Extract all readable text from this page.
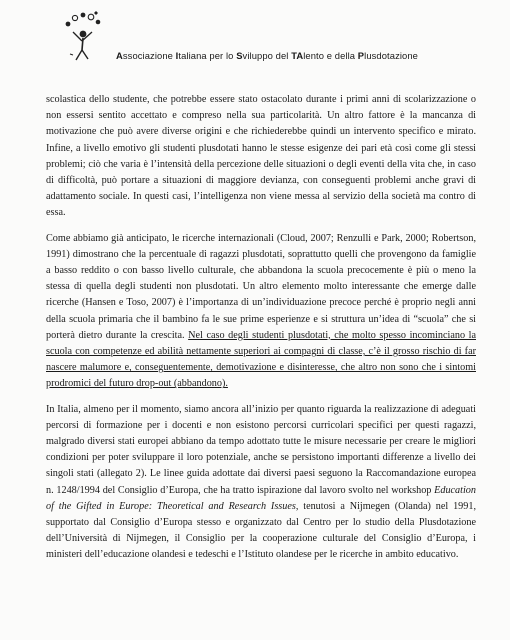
Associazione Italiana per lo Sviluppo del TAlento e della Plusdotazione

scolastica dello studente, che potrebbe essere stato ostacolato durante i primi anni di scolarizzazione o non essersi sentito accettato e compreso nella sua particolarità. Un altro fattore è la mancanza di motivazione che può avere diverse origini e che richiederebbe quindi un intervento specifico e mirato. Infine, a livello emotivo gli studenti plusdotati hanno le stesse esigenze dei pari età così come gli stessi problemi; ciò che varia è l’intensità della percezione delle situazioni o degli eventi della vita che, in caso di difficoltà, può portare a situazioni di maggiore devianza, con conseguenti problemi anche gravi di adattamento sociale. In questi casi, l’intelligenza non viene messa al servizio della società ma contro di essa.

Come abbiamo già anticipato, le ricerche internazionali (Cloud, 2007; Renzulli e Park, 2000; Robertson, 1991) dimostrano che la percentuale di ragazzi plusdotati, soprattutto quelli che provengono da famiglie a basso reddito o con basso livello culturale, che abbandona la scuola precocemente è più o meno la stessa di quella degli studenti non plusdotati. Un altro elemento molto interessante che emerge dalle ricerche (Hansen e Toso, 2007) è l’importanza di un’individuazione precoce perché è proprio negli anni della scuola primaria che il bambino fa le sue prime esperienze e si struttura un’idea di “scuola” che si porterà dietro durante la crescita. Nel caso degli studenti plusdotati, che molto spesso incominciano la scuola con competenze ed abilità nettamente superiori ai compagni di classe, c’è il grosso rischio di far nascere malumore e, conseguentemente, demotivazione e disinteresse, che altro non sono che i sintomi prodromici del futuro drop-out (abbandono).

In Italia, almeno per il momento, siamo ancora all’inizio per quanto riguarda la realizzazione di adeguati percorsi di formazione per i docenti e non esistono percorsi curricolari specifici per questi ragazzi, malgrado diversi stati europei abbiano da tempo adottato tutte le misure necessarie per creare le migliori condizioni per poter sviluppare il loro potenziale, anche se persistono importanti differenze a livello dei singoli stati (allegato 2). Le linee guida adottate dai diversi paesi seguono la Raccomandazione europea n. 1248/1994 del Consiglio d’Europa, che ha tratto ispirazione dal lavoro svolto nel workshop Education of the Gifted in Europe: Theoretical and Research Issues, tenutosi a Nijmegen (Olanda) nel 1991, supportato dal Consiglio d’Europa stesso e organizzato dal Centro per lo studio della Plusdotazione dell’Università di Nijmegen, il Consiglio per la cooperazione culturale del Consiglio d’Europa, i ministeri dell’educazione olandesi e tedeschi e l’Istituto olandese per le ricerche in ambito educativo.
